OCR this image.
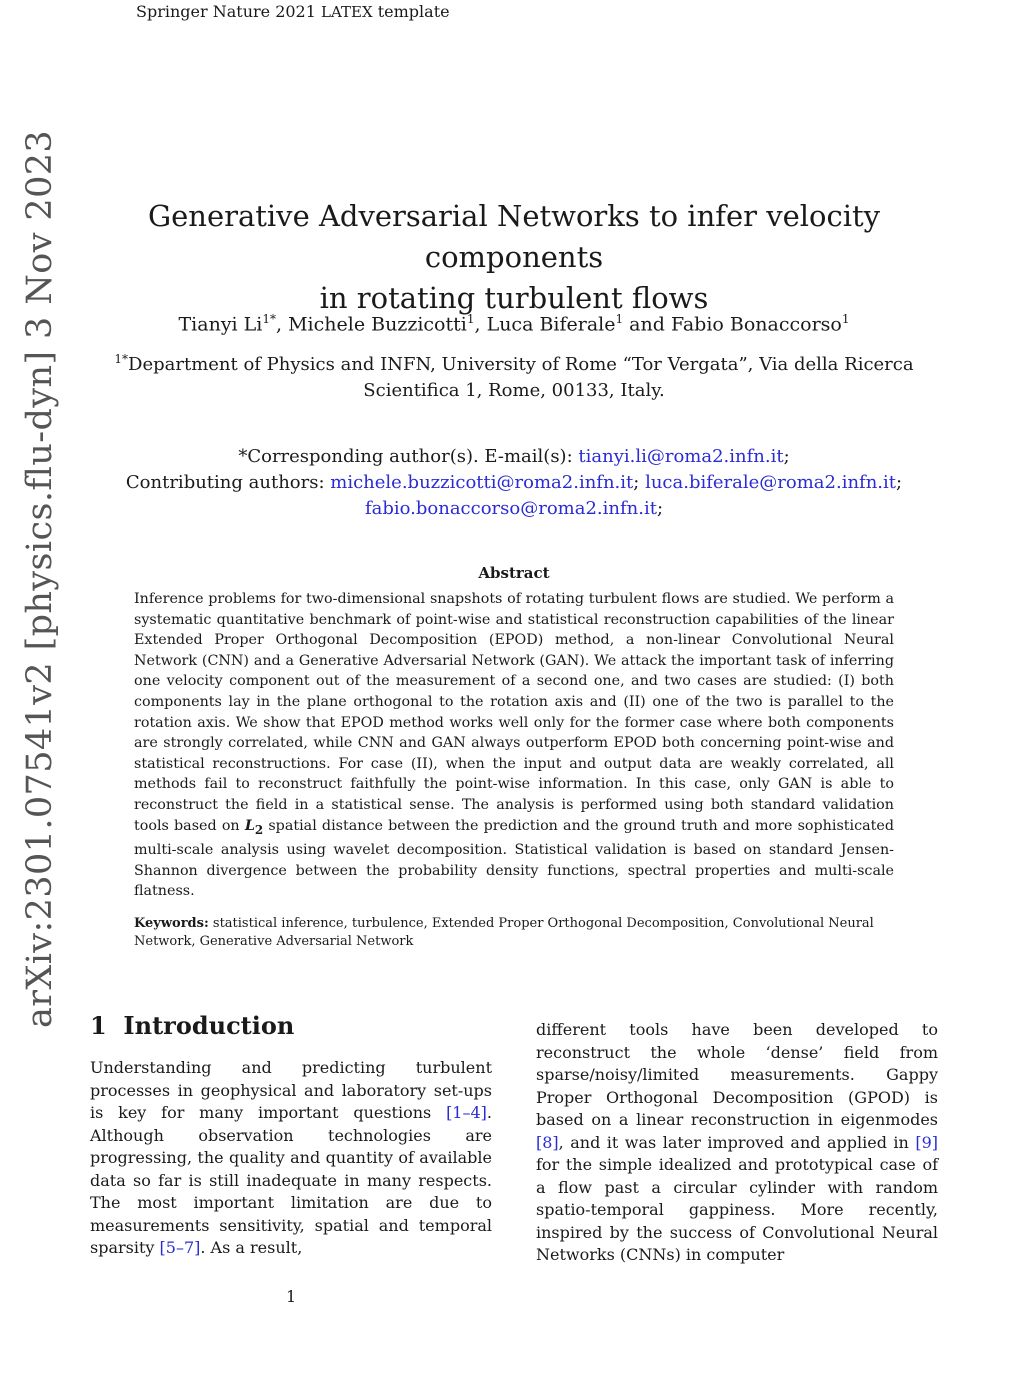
Springer Nature 2021 LATEX template
arXiv:2301.07541v2 [physics.flu-dyn] 3 Nov 2023	Generative Adversarial Networks to infer velocity components
in rotating turbulent flows
Tianyi $Li^{1*}$, Michele Buzzicotti$^1$, Luca Biferale$^1$ and Fabio Bonaccorso$^1$
$^{1*}$Department of Physics and INFN, University of Rome “Tor Vergata”, Via della Ricerca
Scientifica 1, Rome, 00133, Italy.
*Corresponding author(s). E-mail(s): tianyi.li@roma2.infn.it;
Contributing authors: michele.buzzicotti@roma2.infn.it; luca.biferale@roma2.infn.it;
fabio.bonaccorso@roma2.infn.it;
Abstract

Inference problems for two-dimensional snapshots of rotating turbulent flows are studied. We perform a systematic quantitative benchmark of point-wise and statistical reconstruction capabilities of the linear Extended Proper Orthogonal Decomposition (EPOD) method, a non-linear Convolutional Neural Network (CNN) and a Generative Adversarial Network (GAN). We attack the important task of inferring one velocity component out of the measurement of a second one, and two cases are studied: (I) both components lay in the plane orthogonal to the rotation axis and (II) one of the two is parallel to the rotation axis. We show that EPOD method works well only for the former case where both components are strongly correlated, while CNN and GAN always outperform EPOD both concerning point-wise and statistical reconstructions. For case (II), when the input and output data are weakly correlated, all methods fail to reconstruct faithfully the point-wise information. In this case, only GAN is able to reconstruct the field in a statistical sense. The analysis is performed using both standard validation tools based on $L_2$ spatial distance between the prediction and the ground truth and more sophisticated multi-scale analysis using wavelet decomposition. Statistical validation is based on standard Jensen-Shannon divergence between the probability density functions, spectral properties and multi-scale flatness.

Keywords: statistical inference, turbulence, Extended Proper Orthogonal Decomposition, Convolutional Neural Network, Generative Adversarial Network

1 Introduction

Understanding and predicting turbulent processes in geophysical and laboratory set-ups is key for many important questions [1–4]. Although observation technologies are progressing, the quality and quantity of available data so far is still inadequate in many respects. The most important limitation are due to measurements sensitivity, spatial and temporal sparsity [5–7]. As a result,

different tools have been developed to reconstruct the whole ‘dense’ field from sparse/noisy/limited measurements. Gappy Proper Orthogonal Decomposition (GPOD) is based on a linear reconstruction in eigenmodes [8], and it was later improved and applied in [9] for the simple idealized and prototypical case of a flow past a circular cylinder with random spatio-temporal gappiness. More recently, inspired by the success of Convolutional Neural Networks (CNNs) in computer

1
